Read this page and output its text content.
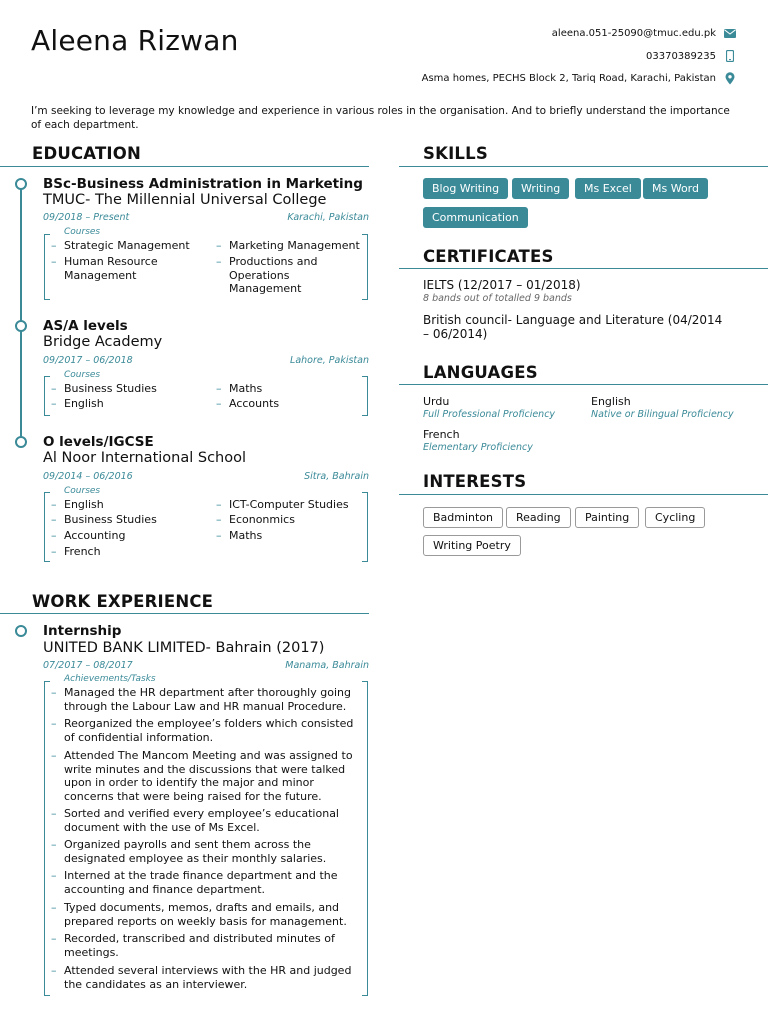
Aleena Rizwan	aleena.051-25090@tmuc.edu.pk
03370389235
Asma homes, PECHS Block 2, Tariq Road, Karachi, Pakistan
I’m seeking to leverage my knowledge and experience in various roles in the organisation. And to briefly understand the importance of each department.
EDUCATION
BSc-Business Administration in Marketing
TMUC- The Millennial Universal College
09/2018 – Present	Karachi, Pakistan
Courses
– Strategic Management
– Human Resource Management
– Marketing Management
– Productions and Operations Management
AS/A levels
Bridge Academy
09/2017 – 06/2018	Lahore, Pakistan
Courses
– Business Studies
– English
– Maths
– Accounts
O levels/IGCSE
Al Noor International School
09/2014 – 06/2016	Sitra, Bahrain
Courses
– English
– Business Studies
– Accounting
– French
– ICT-Computer Studies
– Econonmics
– Maths
WORK EXPERIENCE
Internship
UNITED BANK LIMITED- Bahrain (2017)
07/2017 – 08/2017	Manama, Bahrain
Achievements/Tasks
– Managed the HR department after thoroughly going through the Labour Law and HR manual Procedure.
– Reorganized the employee’s folders which consisted of confidential information.
– Attended The Mancom Meeting and was assigned to write minutes and the discussions that were talked upon in order to identify the major and minor concerns that were being raised for the future.
– Sorted and verified every employee’s educational document with the use of Ms Excel.
– Organized payrolls and sent them across the designated employee as their monthly salaries.
– Interned at the trade finance department and the accounting and finance department.
– Typed documents, memos, drafts and emails, and prepared reports on weekly basis for management.
– Recorded, transcribed and distributed minutes of meetings.
– Attended several interviews with the HR and judged the candidates as an interviewer.
SKILLS
Blog Writing	Writing	Ms Excel	Ms Word
Communication
CERTIFICATES
IELTS (12/2017 – 01/2018)
8 bands out of totalled 9 bands
British council- Language and Literature (04/2014 – 06/2014)
LANGUAGES
Urdu
Full Professional Proficiency
English
Native or Bilingual Proficiency
French
Elementary Proficiency
INTERESTS
Badminton	Reading	Painting	Cycling
Writing Poetry
